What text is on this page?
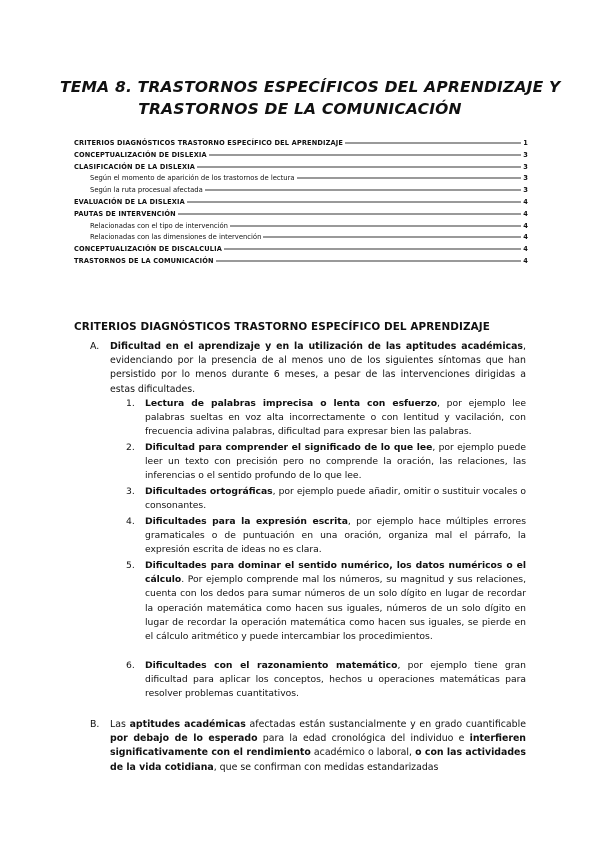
TEMA 8. TRASTORNOS ESPECÍFICOS DEL APRENDIZAJE Y
TRASTORNOS DE LA COMUNICACIÓN
CRITERIOS DIAGNÓSTICOS TRASTORNO ESPECÍFICO DEL APRENDIZAJE	1
CONCEPTUALIZACIÓN DE DISLEXIA	3
CLASIFICACIÓN DE LA DISLEXIA	3
Según el momento de aparición de los trastornos de lectura	3
Según la ruta procesual afectada	3
EVALUACIÓN DE LA DISLEXIA	4
PAUTAS DE INTERVENCIÓN	4
Relacionadas con el tipo de intervención	4
Relacionadas con las dimensiones de intervención	4
CONCEPTUALIZACIÓN DE DISCALCULIA	4
TRASTORNOS DE LA COMUNICACIÓN	4
CRITERIOS DIAGNÓSTICOS TRASTORNO ESPECÍFICO DEL APRENDIZAJE
A. Dificultad en el aprendizaje y en la utilización de las aptitudes académicas, evidenciando por la presencia de al menos uno de los siguientes síntomas que han persistido por lo menos durante 6 meses, a pesar de las intervenciones dirigidas a estas dificultades.
1. Lectura de palabras imprecisa o lenta con esfuerzo, por ejemplo lee palabras sueltas en voz alta incorrectamente o con lentitud y vacilación, con frecuencia adivina palabras, dificultad para expresar bien las palabras.
2. Dificultad para comprender el significado de lo que lee, por ejemplo puede leer un texto con precisión pero no comprende la oración, las relaciones, las inferencias o el sentido profundo de lo que lee.
3. Dificultades ortográficas, por ejemplo puede añadir, omitir o sustituir vocales o consonantes.
4. Dificultades para la expresión escrita, por ejemplo hace múltiples errores gramaticales o de puntuación en una oración, organiza mal el párrafo, la expresión escrita de ideas no es clara.
5. Dificultades para dominar el sentido numérico, los datos numéricos o el cálculo. Por ejemplo comprende mal los números, su magnitud y sus relaciones, cuenta con los dedos para sumar números de un solo dígito en lugar de recordar la operación matemática como hacen sus iguales, números de un solo dígito en lugar de recordar la operación matemática como hacen sus iguales, se pierde en el cálculo aritmético y puede intercambiar los procedimientos.
6. Dificultades con el razonamiento matemático, por ejemplo tiene gran dificultad para aplicar los conceptos, hechos u operaciones matemáticas para resolver problemas cuantitativos.
B. Las aptitudes académicas afectadas están sustancialmente y en grado cuantificable por debajo de lo esperado para la edad cronológica del individuo e interfieren significativamente con el rendimiento académico o laboral, o con las actividades de la vida cotidiana, que se confirman con medidas estandarizadas
